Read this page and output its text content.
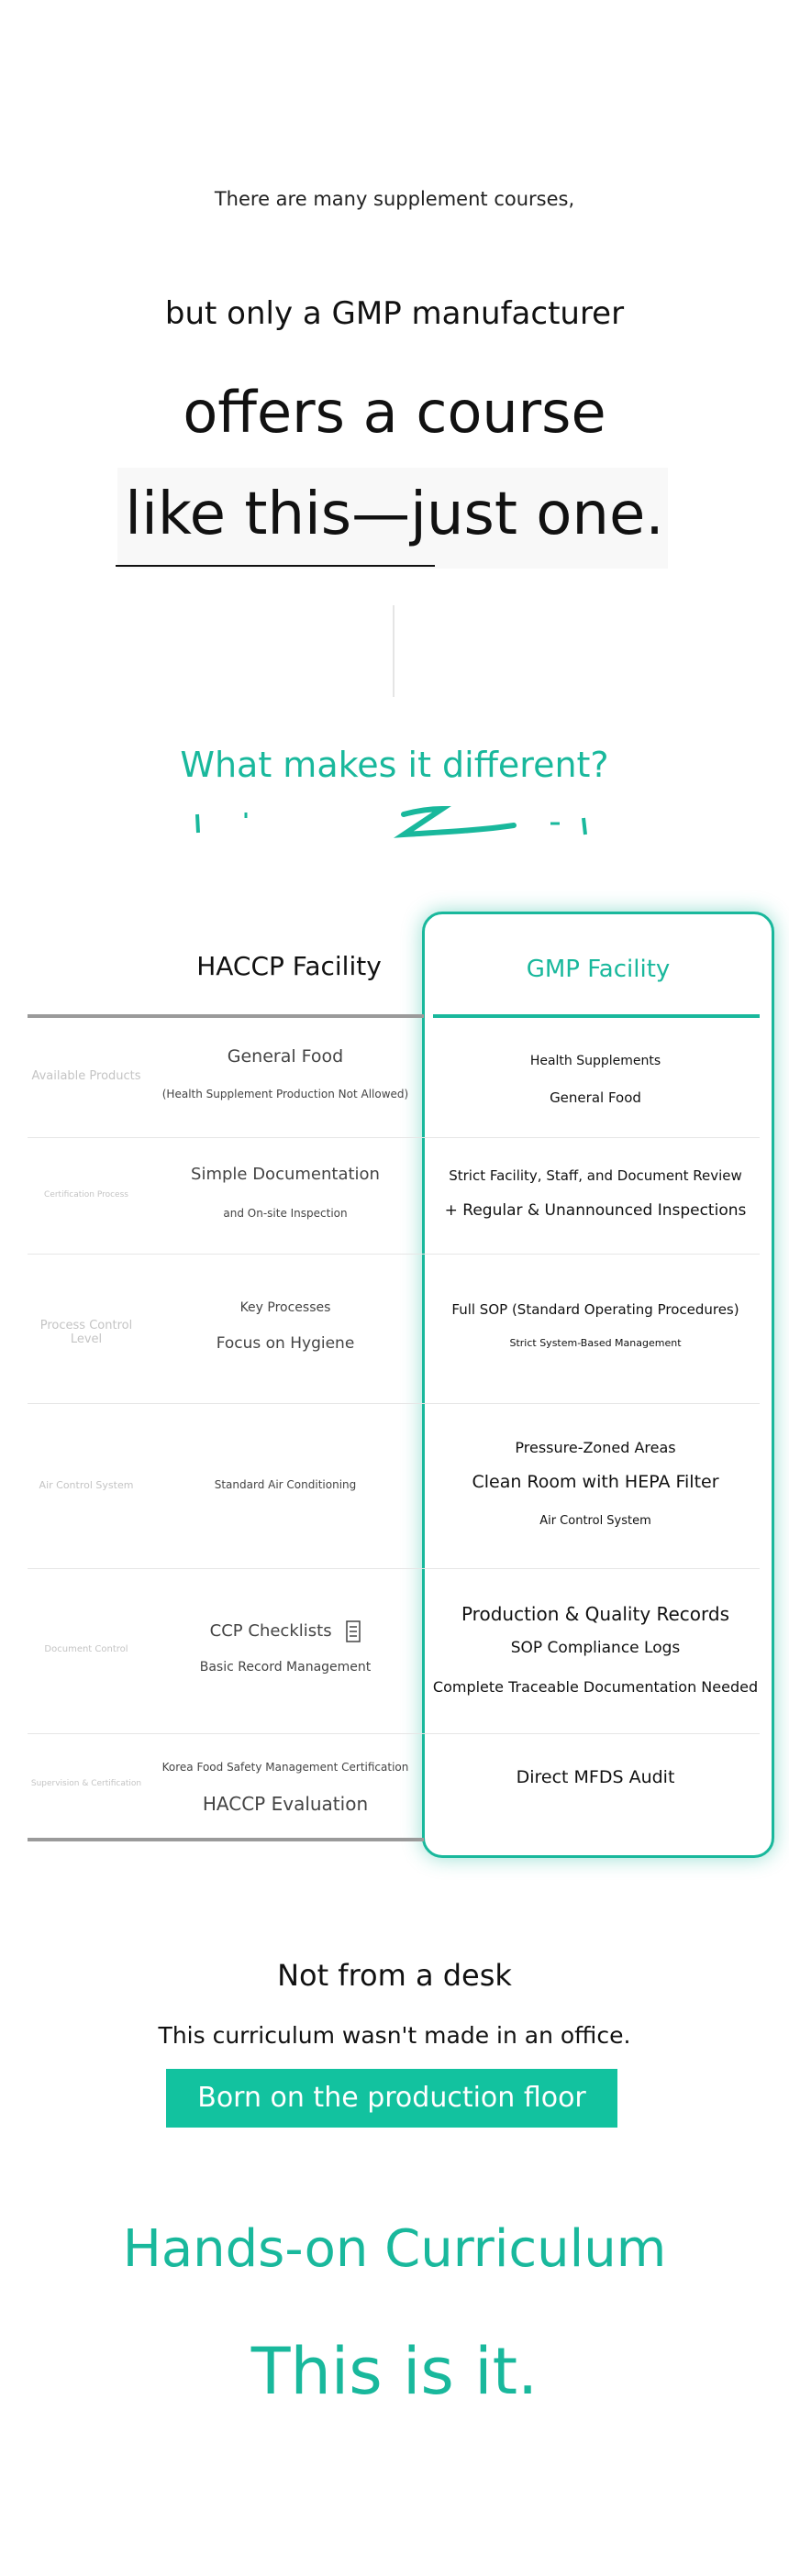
There are many supplement courses,
but only a GMP manufacturer
offers a course
like this—just one.
What makes it different?
HACCP Facility	GMP Facility
Available Products
General Food
(Health Supplement Production Not Allowed)
Health Supplements
General Food
Certification Process
Simple Documentation
and On-site Inspection
Strict Facility, Staff, and Document Review
+ Regular & Unannounced Inspections
Process Control Level
Key Processes
Focus on Hygiene
Full SOP (Standard Operating Procedures)
Strict System-Based Management
Air Control System	Standard Air Conditioning
Pressure-Zoned Areas
Clean Room with HEPA Filter
Air Control System
Document Control
CCP Checklists
Basic Record Management
Production & Quality Records
SOP Compliance Logs
Complete Traceable Documentation Needed
Supervision & Certification
Korea Food Safety Management Certification
HACCP Evaluation
Direct MFDS Audit
Not from a desk
This curriculum wasn't made in an office.
Born on the production floor
Hands-on Curriculum
This is it.
